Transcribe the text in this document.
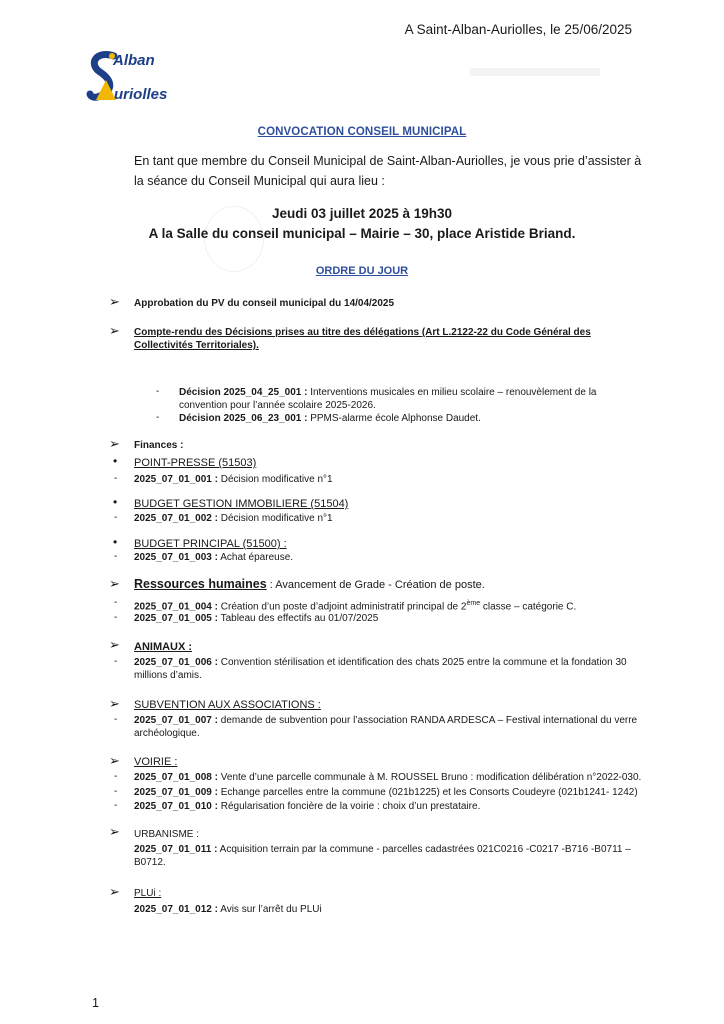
A Saint-Alban-Auriolles, le 25/06/2025
Alban
uriolles
CONVOCATION CONSEIL MUNICIPAL
En tant que membre du Conseil Municipal de Saint-Alban-Auriolles, je vous prie d’assister à la séance du Conseil Municipal qui aura lieu :
Jeudi 03 juillet 2025 à 19h30
A la Salle du conseil municipal – Mairie – 30, place Aristide Briand.
ORDRE DU JOUR
➢ Approbation du PV du conseil municipal du 14/04/2025
➢ Compte-rendu des Décisions prises au titre des délégations (Art L.2122-22 du Code Général des Collectivités Territoriales).
- Décision 2025_04_25_001 : Interventions musicales en milieu scolaire – renouvèlement de la convention pour l’année scolaire 2025-2026.
- Décision 2025_06_23_001 : PPMS-alarme école Alphonse Daudet.
➢ Finances :
• POINT-PRESSE (51503)
- 2025_07_01_001 : Décision modificative n°1
• BUDGET GESTION IMMOBILIERE (51504)
- 2025_07_01_002 : Décision modificative n°1
• BUDGET PRINCIPAL (51500) :
- 2025_07_01_003 : Achat épareuse.
➢ Ressources humaines : Avancement de Grade - Création de poste.
- 2025_07_01_004 : Création d’un poste d’adjoint administratif principal de 2ème classe – catégorie C.
- 2025_07_01_005 : Tableau des effectifs au 01/07/2025
➢ ANIMAUX :
- 2025_07_01_006 : Convention stérilisation et identification des chats 2025 entre la commune et la fondation 30 millions d’amis.
➢ SUBVENTION AUX ASSOCIATIONS :
- 2025_07_01_007 : demande de subvention pour l’association RANDA ARDESCA – Festival international du verre archéologique.
➢ VOIRIE :
- 2025_07_01_008 : Vente d’une parcelle communale à M. ROUSSEL Bruno : modification délibération n°2022-030.
- 2025_07_01_009 : Echange parcelles entre la commune (021b1225) et les Consorts Coudeyre (021b1241- 1242)
- 2025_07_01_010 : Régularisation foncière de la voirie : choix d’un prestataire.
➢ URBANISME :
2025_07_01_011 : Acquisition terrain par la commune - parcelles cadastrées 021C0216 -C0217 -B716 -B0711 – B0712.
➢ PLUi :
2025_07_01_012 : Avis sur l’arrêt du PLUi
1
